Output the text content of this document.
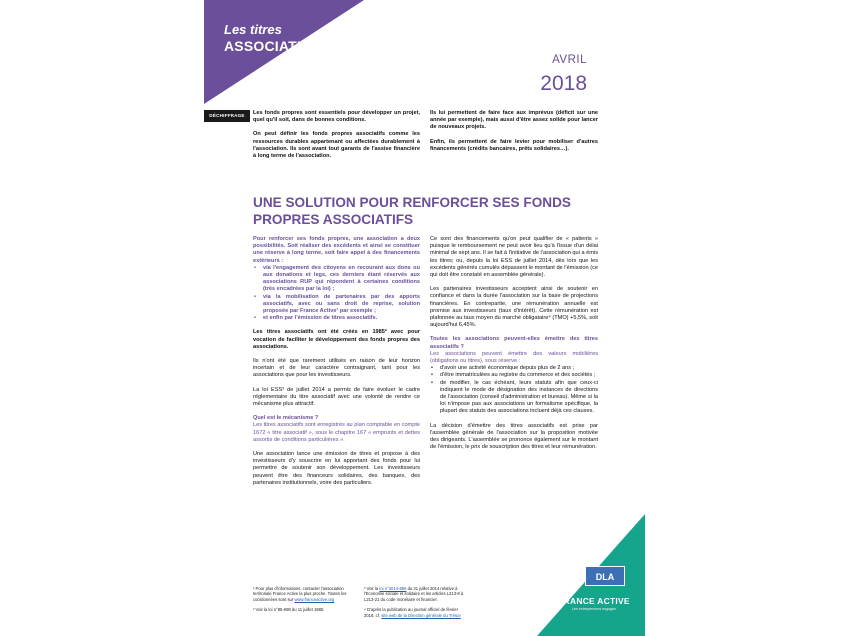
Les titres
ASSOCIATIFS
AVRIL
2018
DÉCHIFFRAGE	Les fonds propres sont essentiels pour développer un projet, quel qu'il soit, dans de bonnes conditions.

On peut définir les fonds propres associatifs comme les ressources durables appartenant ou affectées durablement à l'association. Ils sont avant tout garants de l'assise financière à long terme de l'association.

Ils lui permettent de faire face aux imprévus (déficit sur une année par exemple), mais aussi d'être assez solide pour lancer de nouveaux projets.

Enfin, ils permettent de faire levier pour mobiliser d'autres financements (crédits bancaires, prêts solidaires…).

UNE SOLUTION POUR RENFORCER SES FONDS PROPRES ASSOCIATIFS

Pour renforcer ses fonds propres, une association a deux possibilités. Soit réaliser des excédents et ainsi se constituer une réserve à long terme, soit faire appel à des financements extérieurs :

• via l'engagement des citoyens en recourant aux dons ou aux donations et legs, ces derniers étant réservés aux associations RUP qui répondent à certaines conditions (très encadrées par la loi) ;
• via la mobilisation de partenaires par des apports associatifs, avec ou sans droit de reprise, solution proposée par France Active¹ par exemple ;
• et enfin par l'émission de titres associatifs.

Les titres associatifs ont été créés en 1985² avec pour vocation de faciliter le développement des fonds propres des associations.

Ils n'ont été que rarement utilisés en raison de leur horizon incertain et de leur caractère contraignant, tant pour les associations que pour les investisseurs.

La loi ESS³ de juillet 2014 a permis de faire évoluer le cadre réglementaire du titre associatif avec une volonté de rendre ce mécanisme plus attractif.

Quel est le mécanisme ?

Les titres associatifs sont enregistrés au plan comptable en compte 1672 « titre associatif », sous le chapitre 167 « emprunts et dettes assortis de conditions particulières ».

Une association lance une émission de titres et propose à des investisseurs d'y souscrire en lui apportant des fonds pour lui permettre de soutenir son développement. Les investisseurs peuvent être des financeurs solidaires, des banques, des partenaires institutionnels, voire des particuliers.

Ce sont des financements qu'on peut qualifier de « patients » puisque le remboursement ne peut avoir lieu qu'à l'issue d'un délai minimal de sept ans. Il se fait à l'initiative de l'association qui a émis les titres; ou, depuis la loi ESS de juillet 2014, dès lors que les excédents générés cumulés dépassent le montant de l'émission (ce qui doit être constaté en assemblée générale).

Les partenaires investisseurs acceptent ainsi de soutenir en confiance et dans la durée l'association sur la base de projections financières. En contrepartie, une rémunération annuelle est promise aux investisseurs (taux d'intérêt). Cette rémunération est plafonnée au taux moyen du marché obligataire⁴ (TMO) +5,5%, soit aujourd'hui 6,45%.

Toutes les associations peuvent-elles émettre des titres associatifs ?

Les associations peuvent émettre des valeurs mobilières (obligations ou titres), sous réserve :

• d'avoir une activité économique depuis plus de 2 ans ;
• d'être immatriculées au registre du commerce et des sociétés ;
• de modifier, le cas échéant, leurs statuts afin que ceux-ci indiquent le mode de désignation des instances de directions de l'association (conseil d'administration et bureau). Même si la loi n'impose pas aux associations un formalisme spécifique, la plupart des statuts des associations incluent déjà ces clauses.

La décision d'émettre des titres associatifs est prise par l'assemblée générale de l'association sur la proposition motivée des dirigeants. L'assemblée se prononce également sur le montant de l'émission, le prix de souscription des titres et leur rémunération.

¹ Pour plus d'informations, contacter l'association territoriale France Active la plus proche. Toutes les coordonnées sont sur www.franceactive.org

² Voir la loi n°85-698 du 11 juillet 1985.

³ Voir la loi n°2014-856 du 31 juillet 2014 relative à l'Economie sociale et solidaire et les articles L213-8 à L213-21 du code monétaire et financier.

⁴ D'après la publication au journal officiel de février 2018, cf. site web de la Direction générale du Trésor

DLA
FRANCE ACTIVE
Les entrepreneurs engagés
